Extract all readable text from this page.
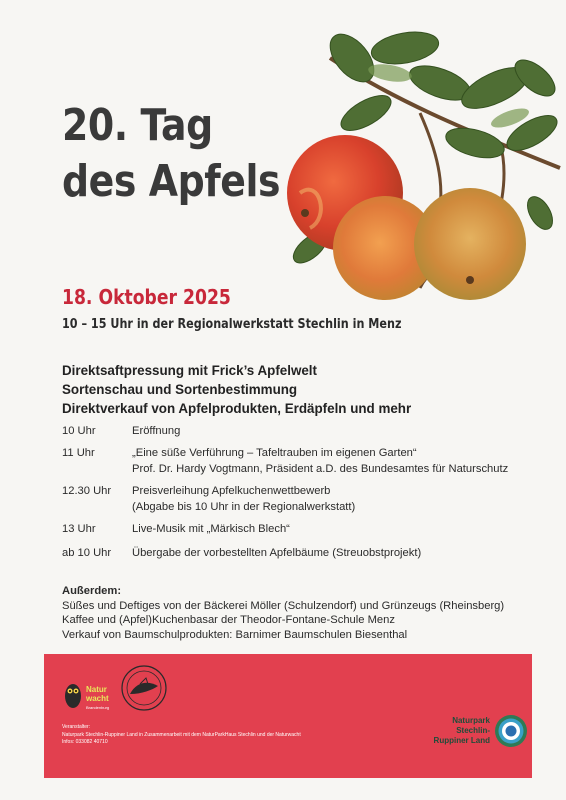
20. Tag
des Apfels
18. Oktober 2025
10 – 15 Uhr in der Regionalwerkstatt Stechlin in Menz
Direktsaftpressung mit Frick’s Apfelwelt
Sortenschau und Sortenbestimmung
Direktverkauf von Apfelprodukten, Erdäpfeln und mehr
10 Uhr	Eröffnung
11 Uhr	„Eine süße Verführung – Tafeltrauben im eigenen Garten“
Prof. Dr. Hardy Vogtmann, Präsident a.D. des Bundesamtes für Naturschutz
12.30 Uhr	Preisverleihung Apfelkuchenwettbewerb
(Abgabe bis 10 Uhr in der Regionalwerkstatt)
13 Uhr	Live-Musik mit „Märkisch Blech“
ab 10 Uhr	Übergabe der vorbestellten Apfelbäume (Streuobstprojekt)
Außerdem:
Süßes und Deftiges von der Bäckerei Möller (Schulzendorf) und Grünzeugs (Rheinsberg)
Kaffee und (Apfel)Kuchenbasar der Theodor-Fontane-Schule Menz
Verkauf von Baumschulprodukten: Barnimer Baumschulen Biesenthal
Natur
wacht
Brandenburg
Veranstalter:
Naturpark Stechlin-Ruppiner Land in Zusammenarbeit mit dem NaturParkHaus Stechlin und der Naturwacht
Infos: 033082 40710
Naturpark
Stechlin-
Ruppiner Land
